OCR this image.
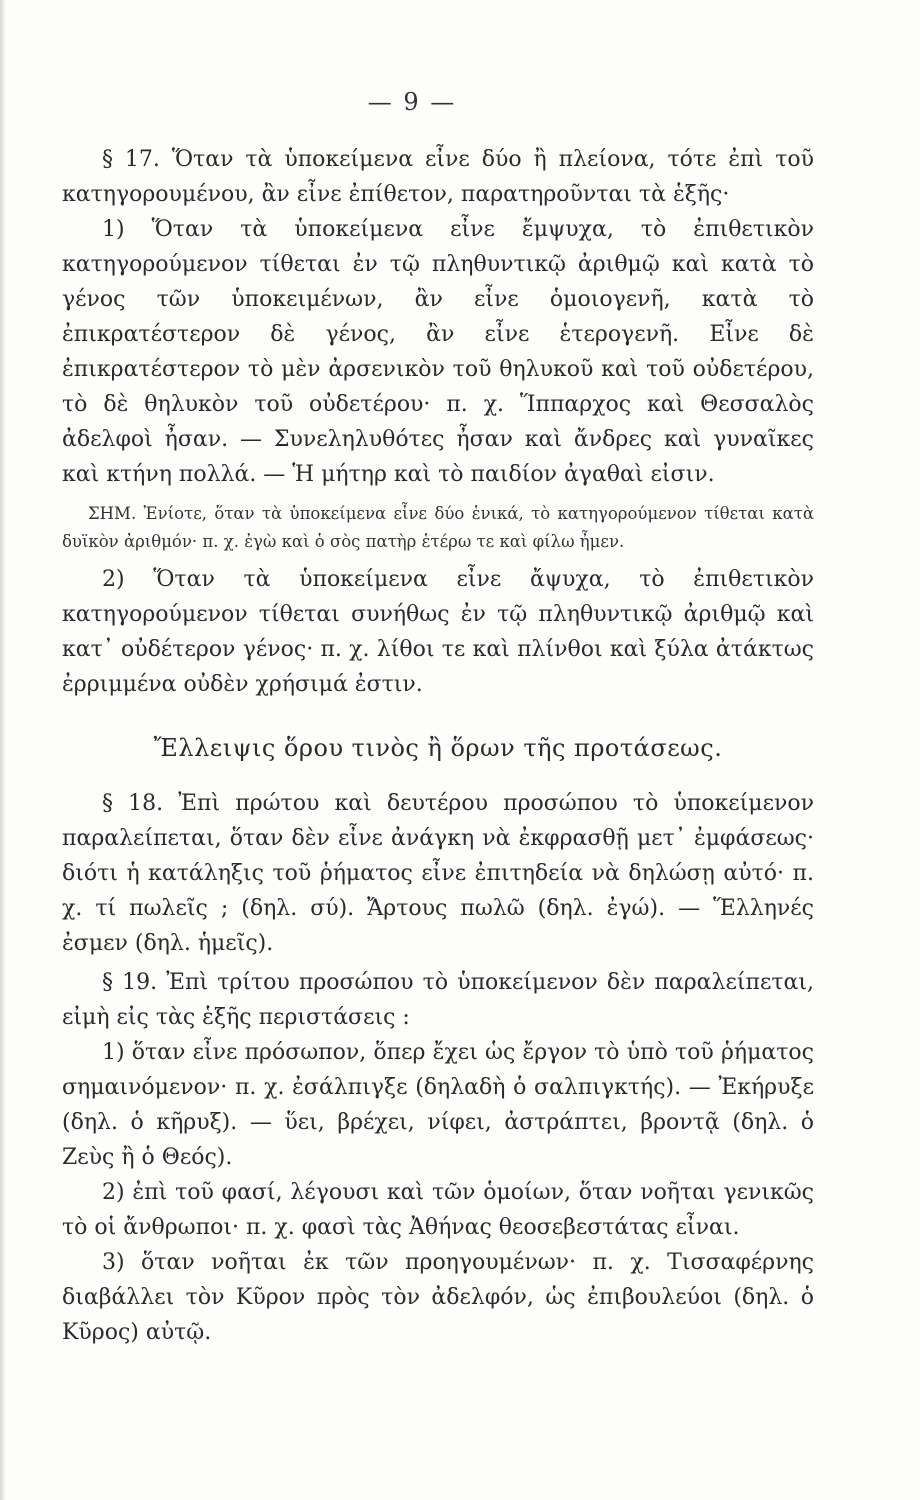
— 9 —

§ 17. Ὅταν τὰ ὑποκείμενα εἶνε δύο ἢ πλείονα, τότε ἐπὶ τοῦ κατηγορουμένου, ἂν εἶνε ἐπίθετον, παρατηροῦνται τὰ ἑξῆς·

1) Ὅταν τὰ ὑποκείμενα εἶνε ἔμψυχα, τὸ ἐπιθετικὸν κατηγορούμενον τίθεται ἐν τῷ πληθυντικῷ ἀριθμῷ καὶ κατὰ τὸ γένος τῶν ὑποκειμένων, ἂν εἶνε ὁμοιογενῆ, κατὰ τὸ ἐπικρατέστερον δὲ γένος, ἂν εἶνε ἑτερογενῆ. Εἶνε δὲ ἐπικρατέστερον τὸ μὲν ἀρσενικὸν τοῦ θηλυκοῦ καὶ τοῦ οὐδετέρου, τὸ δὲ θηλυκὸν τοῦ οὐδετέρου· π. χ. Ἵππαρχος καὶ Θεσσαλὸς ἀδελφοὶ ἦσαν. — Συνεληλυθότες ἦσαν καὶ ἄνδρες καὶ γυναῖκες καὶ κτήνη πολλά. — Ἡ μήτηρ καὶ τὸ παιδίον ἀγαθαὶ εἰσιν.

ΣΗΜ. Ἐνίοτε, ὅταν τὰ ὑποκείμενα εἶνε δύο ἑνικά, τὸ κατηγορούμενον τίθεται κατὰ δυϊκὸν ἀριθμόν· π. χ. ἐγὼ καὶ ὁ σὸς πατὴρ ἑτέρω τε καὶ φίλω ἦμεν.

2) Ὅταν τὰ ὑποκείμενα εἶνε ἄψυχα, τὸ ἐπιθετικὸν κατηγορούμενον τίθεται συνήθως ἐν τῷ πληθυντικῷ ἀριθμῷ καὶ κατ᾿ οὐδέτερον γένος· π. χ. λίθοι τε καὶ πλίνθοι καὶ ξύλα ἀτάκτως ἐρριμμένα οὐδὲν χρήσιμά ἐστιν.

Ἔλλειψις ὅρου τινὸς ἢ ὅρων τῆς προτάσεως.

§ 18. Ἐπὶ πρώτου καὶ δευτέρου προσώπου τὸ ὑποκείμενον παραλείπεται, ὅταν δὲν εἶνε ἀνάγκη νὰ ἐκφρασθῇ μετ᾿ ἐμφάσεως· διότι ἡ κατάληξις τοῦ ῥήματος εἶνε ἐπιτηδεία νὰ δηλώσῃ αὐτό· π. χ. τί πωλεῖς ; (δηλ. σύ). Ἄρτους πωλῶ (δηλ. ἐγώ). — Ἕλληνές ἐσμεν (δηλ. ἡμεῖς).

§ 19. Ἐπὶ τρίτου προσώπου τὸ ὑποκείμενον δὲν παραλείπεται, εἰμὴ εἰς τὰς ἑξῆς περιστάσεις :

1) ὅταν εἶνε πρόσωπον, ὅπερ ἔχει ὡς ἔργον τὸ ὑπὸ τοῦ ῥήματος σημαινόμενον· π. χ. ἐσάλπιγξε (δηλαδὴ ὁ σαλπιγκτής). — Ἐκήρυξε (δηλ. ὁ κῆρυξ). — ὕει, βρέχει, νίφει, ἀστράπτει, βροντᾷ (δηλ. ὁ Ζεὺς ἢ ὁ Θεός).

2) ἐπὶ τοῦ φασί, λέγουσι καὶ τῶν ὁμοίων, ὅταν νοῆται γενικῶς τὸ οἱ ἄνθρωποι· π. χ. φασὶ τὰς Ἀθήνας θεοσεβεστάτας εἶναι.

3) ὅταν νοῆται ἐκ τῶν προηγουμένων· π. χ. Τισσαφέρνης διαβάλλει τὸν Κῦρον πρὸς τὸν ἀδελφόν, ὡς ἐπιβουλεύοι (δηλ. ὁ Κῦρος) αὐτῷ.
